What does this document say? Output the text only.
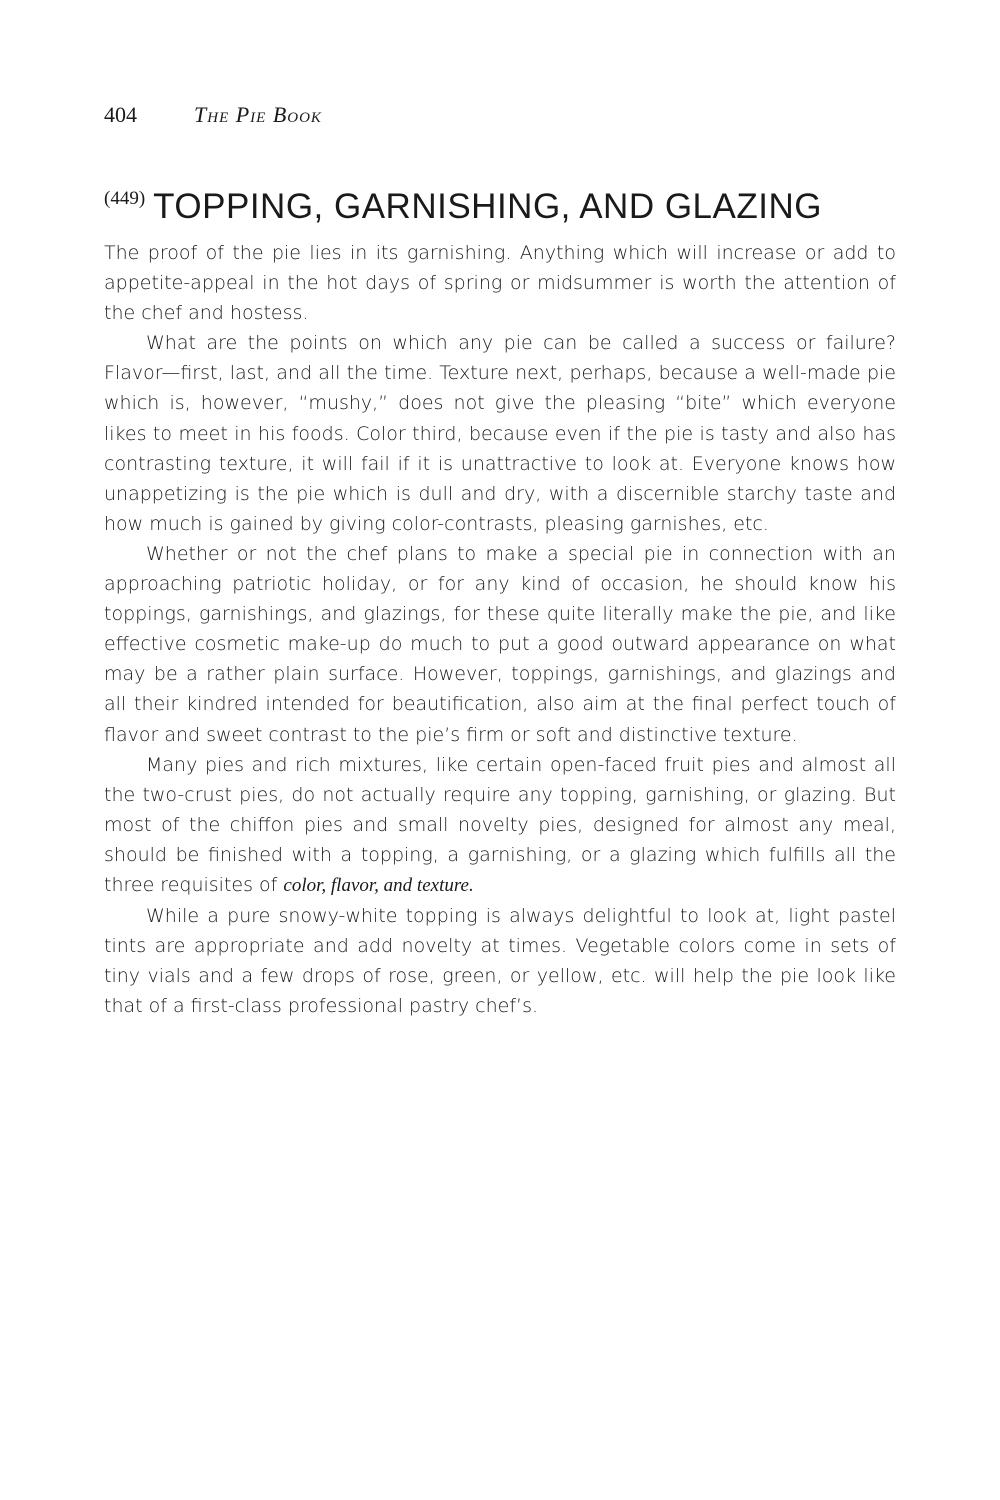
404	The Pie Book
(449) TOPPING, GARNISHING, AND GLAZING

The proof of the pie lies in its garnishing. Anything which will increase or add to appetite-appeal in the hot days of spring or midsummer is worth the attention of the chef and hostess.

What are the points on which any pie can be called a success or failure? Flavor—first, last, and all the time. Texture next, perhaps, because a well-made pie which is, however, “mushy,” does not give the pleasing “bite” which everyone likes to meet in his foods. Color third, because even if the pie is tasty and also has contrasting texture, it will fail if it is unattractive to look at. Everyone knows how unappetizing is the pie which is dull and dry, with a discernible starchy taste and how much is gained by giving color-contrasts, pleasing garnishes, etc.

Whether or not the chef plans to make a special pie in connection with an approaching patriotic holiday, or for any kind of occasion, he should know his toppings, garnishings, and glazings, for these quite literally make the pie, and like effective cosmetic make-up do much to put a good outward appearance on what may be a rather plain surface. However, toppings, garnishings, and glazings and all their kindred intended for beautification, also aim at the final perfect touch of flavor and sweet contrast to the pie’s firm or soft and distinctive texture.

Many pies and rich mixtures, like certain open-faced fruit pies and almost all the two-crust pies, do not actually require any topping, garnishing, or glazing. But most of the chiffon pies and small novelty pies, designed for almost any meal, should be finished with a topping, a garnishing, or a glazing which fulfills all the three requisites of color, flavor, and texture.

While a pure snowy-white topping is always delightful to look at, light pastel tints are appropriate and add novelty at times. Vegetable colors come in sets of tiny vials and a few drops of rose, green, or yellow, etc. will help the pie look like that of a first-class professional pastry chef’s.
